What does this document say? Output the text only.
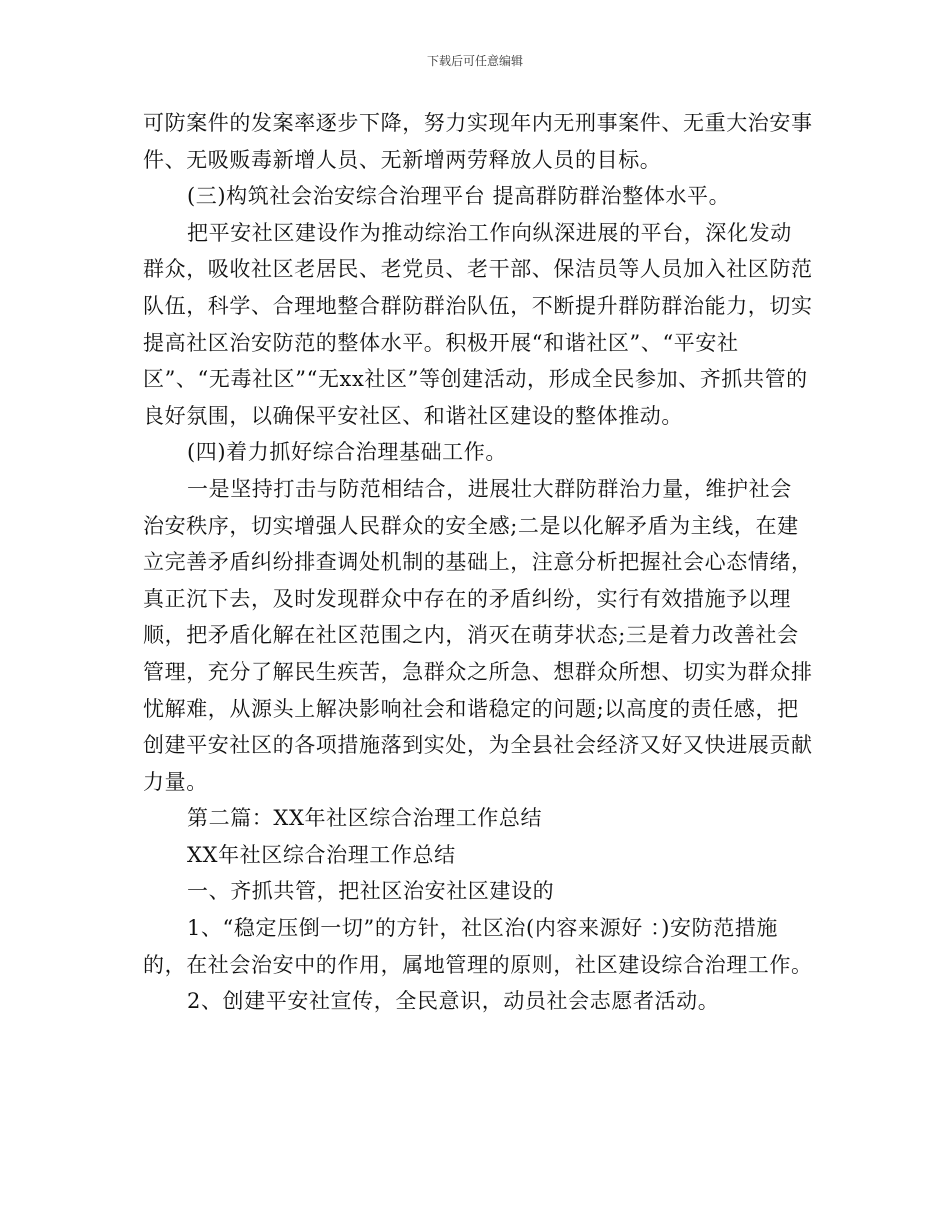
下载后可任意编辑

可防案件的发案率逐步下降，努力实现年内无刑事案件、无重大治安事件、无吸贩毒新增人员、无新增两劳释放人员的目标。

(三)构筑社会治安综合治理平台 提高群防群治整体水平。

把平安社区建设作为推动综治工作向纵深进展的平台，深化发动群众，吸收社区老居民、老党员、老干部、保洁员等人员加入社区防范队伍，科学、合理地整合群防群治队伍，不断提升群防群治能力，切实提高社区治安防范的整体水平。积极开展“和谐社区”、“平安社区”、“无毒社区”“无xx社区”等创建活动，形成全民参加、齐抓共管的良好氛围，以确保平安社区、和谐社区建设的整体推动。

(四)着力抓好综合治理基础工作。

一是坚持打击与防范相结合，进展壮大群防群治力量，维护社会治安秩序，切实增强人民群众的安全感;二是以化解矛盾为主线，在建立完善矛盾纠纷排查调处机制的基础上，注意分析把握社会心态情绪，真正沉下去，及时发现群众中存在的矛盾纠纷，实行有效措施予以理顺，把矛盾化解在社区范围之内，消灭在萌芽状态;三是着力改善社会管理，充分了解民生疾苦，急群众之所急、想群众所想、切实为群众排忧解难，从源头上解决影响社会和谐稳定的问题;以高度的责任感，把创建平安社区的各项措施落到实处，为全县社会经济又好又快进展贡献力量。

第二篇：XX年社区综合治理工作总结

XX年社区综合治理工作总结

一、齐抓共管，把社区治安社区建设的

1、“稳定压倒一切”的方针，社区治(内容来源好 ：)安防范措施的，在社会治安中的作用，属地管理的原则，社区建设综合治理工作。

2、创建平安社宣传，全民意识，动员社会志愿者活动。
